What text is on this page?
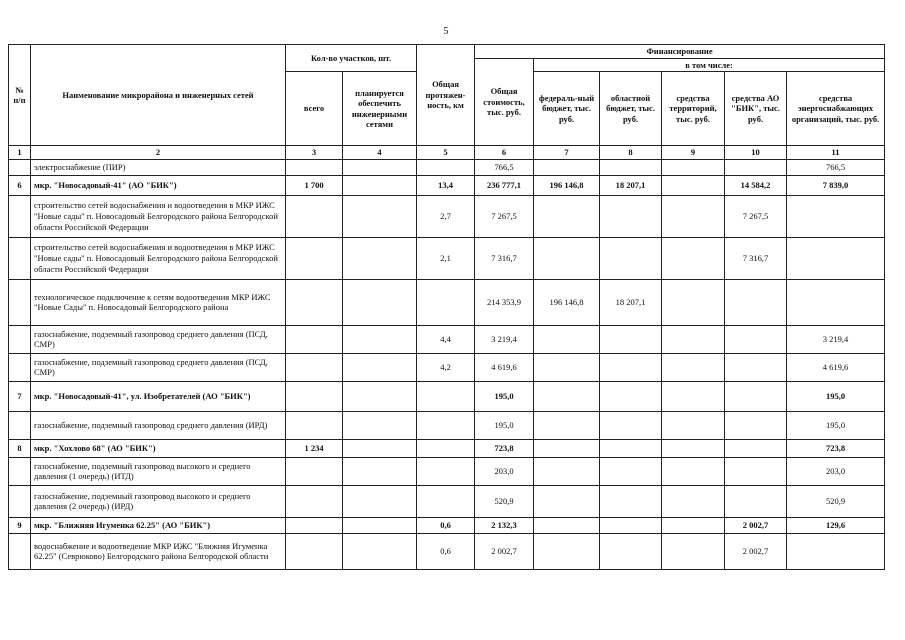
5
№ п/п	Наименование микрорайона и инженерных сетей	Кол-во участков, шт.		Общая протяжен-ность, км	Финансирование					
					Общая стоимость, тыс. руб.	в том числе:				
		всего	планируется обеспечить инженерными сетями			федераль-ный бюджет, тыс. руб.	областной бюджет, тыс. руб.	средства территорий, тыс. руб.	средства АО "БИК", тыс. руб.	средства энергоснабжающих организаций, тыс. руб.
1	2	3	4	5	6	7	8	9	10	11
	электроснабжение (ПИР)				766,5					766,5
6	мкр. "Новосадовый-41" (АО "БИК")	1 700		13,4	236 777,1	196 146,8	18 207,1		14 584,2	7 839,0
	строительство сетей водоснабжения и водоотведения в МКР ИЖС "Новые сады" п. Новосадовый Белгородского района Белгородской области Российской Федерации			2,7	7 267,5				7 267,5	
	строительство сетей водоснабжения и водоотведения в МКР ИЖС "Новые сады" п. Новосадовый Белгородского района Белгородской области Российской Федерации			2,1	7 316,7				7 316,7	
	технологическое подключение к сетям водоотведения МКР ИЖС "Новые Сады" п. Новосадовый Белгородского района				214 353,9	196 146,8	18 207,1			
	газоснабжение, подземный газопровод среднего давления (ПСД, СМР)			4,4	3 219,4					3 219,4
	газоснабжение, подземный газопровод среднего давления (ПСД, СМР)			4,2	4 619,6					4 619,6
7	мкр. "Новосадовый-41", ул. Изобретателей (АО "БИК")				195,0					195,0
	газоснабжение, подземный газопровод среднего давления (ИРД)				195,0					195,0
8	мкр. "Хохлово 68" (АО "БИК")	1 234			723,8					723,8
	газоснабжение, подземный газопровод высокого и среднего давления (1 очередь) (ИТД)				203,0					203,0
	газоснабжение, подземный газопровод высокого и среднего давления (2 очередь) (ИРД)				520,9					520,9
9	мкр. "Ближняя Игуменка 62.25" (АО "БИК")			0,6	2 132,3				2 002,7	129,6
	водоснабжение и водоотведение МКР ИЖС "Ближняя Игуменка 62.25" (Севрюково) Белгородского района Белгородской области			0,6	2 002,7				2 002,7	
